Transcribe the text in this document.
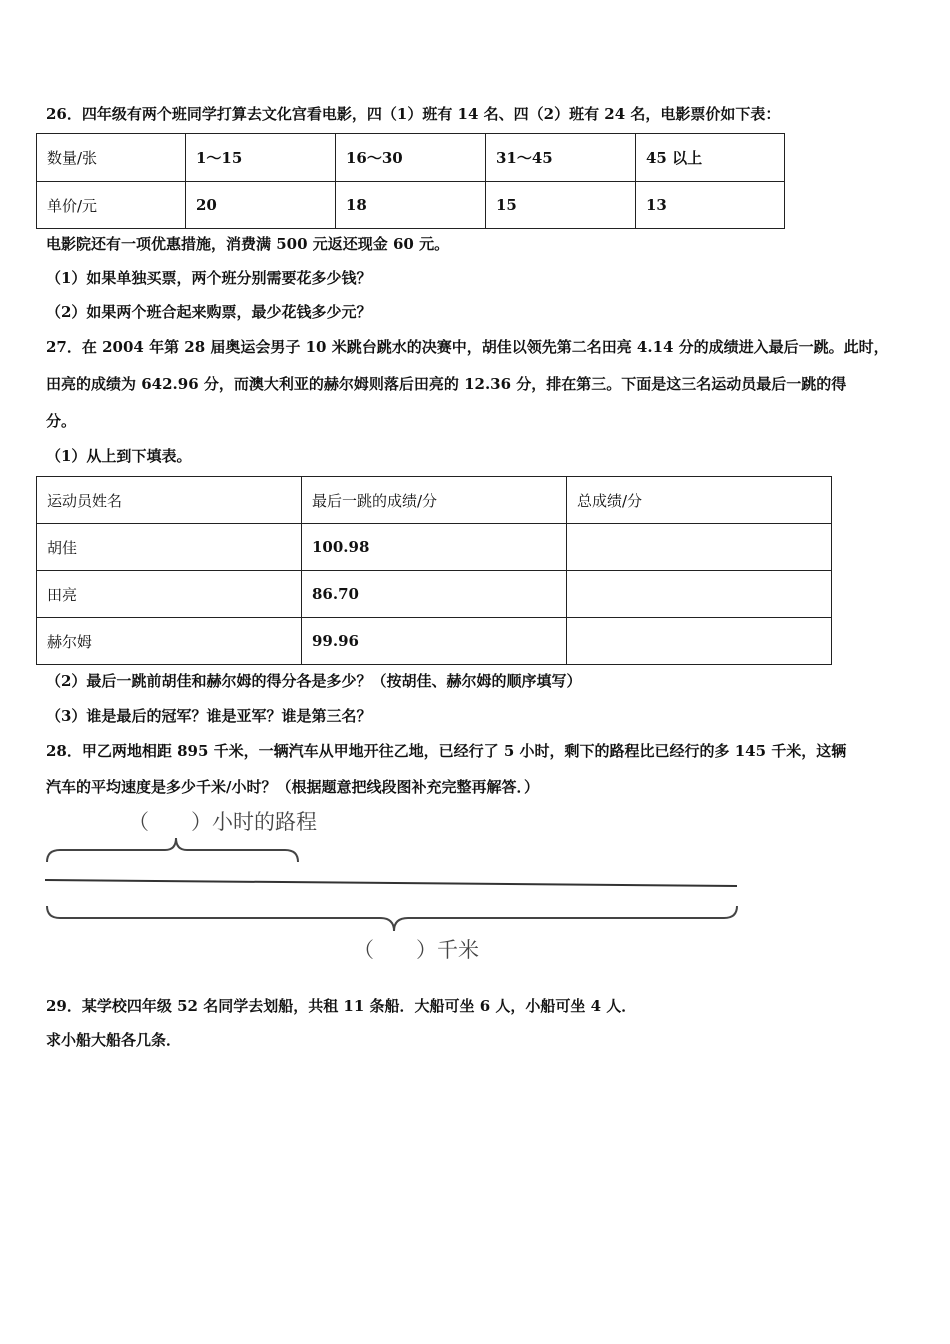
26．四年级有两个班同学打算去文化宫看电影，四（1）班有 14 名、四（2）班有 24 名，电影票价如下表：
数量/张	1～15	16～30	31～45	45 以上
单价/元	20	18	15	13
电影院还有一项优惠措施，消费满 500 元返还现金 60 元。
（1）如果单独买票，两个班分别需要花多少钱？
（2）如果两个班合起来购票，最少花钱多少元？
27．在 2004 年第 28 届奥运会男子 10 米跳台跳水的决赛中，胡佳以领先第二名田亮 4.14 分的成绩进入最后一跳。此时，
田亮的成绩为 642.96 分，而澳大利亚的赫尔姆则落后田亮的 12.36 分，排在第三。下面是这三名运动员最后一跳的得
分。
（1）从上到下填表。
运动员姓名	最后一跳的成绩/分	总成绩/分
胡佳	100.98	
田亮	86.70	
赫尔姆	99.96	
（2）最后一跳前胡佳和赫尔姆的得分各是多少？（按胡佳、赫尔姆的顺序填写）
（3）谁是最后的冠军？谁是亚军？谁是第三名？
28．甲乙两地相距 895 千米，一辆汽车从甲地开往乙地，已经行了 5 小时，剩下的路程比已经行的多 145 千米，这辆
汽车的平均速度是多少千米/小时？（根据题意把线段图补充完整再解答．）
（　　）小时的路程
（　　）千米
29．某学校四年级 52 名同学去划船，共租 11 条船．大船可坐 6 人，小船可坐 4 人．
求小船大船各几条．
